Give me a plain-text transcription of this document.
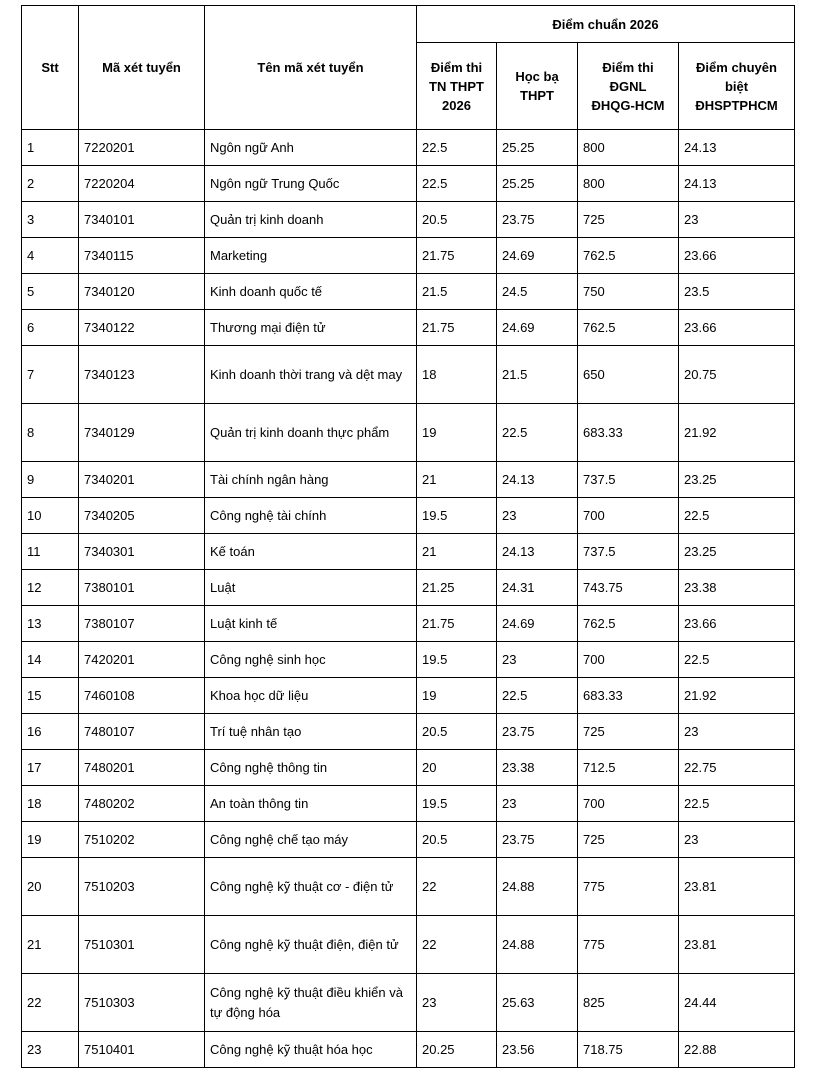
Stt	Mã xét tuyển	Tên mã xét tuyển	Điểm chuẩn 2026			
			Điểm thi TN THPT 2026	Học bạ THPT	Điểm thi ĐGNL ĐHQG-HCM	Điểm chuyên biệt ĐHSPTPHCM
1	7220201	Ngôn ngữ Anh	22.5	25.25	800	24.13
2	7220204	Ngôn ngữ Trung Quốc	22.5	25.25	800	24.13
3	7340101	Quản trị kinh doanh	20.5	23.75	725	23
4	7340115	Marketing	21.75	24.69	762.5	23.66
5	7340120	Kinh doanh quốc tế	21.5	24.5	750	23.5
6	7340122	Thương mại điện tử	21.75	24.69	762.5	23.66
7	7340123	Kinh doanh thời trang và dệt may	18	21.5	650	20.75
8	7340129	Quản trị kinh doanh thực phẩm	19	22.5	683.33	21.92
9	7340201	Tài chính ngân hàng	21	24.13	737.5	23.25
10	7340205	Công nghệ tài chính	19.5	23	700	22.5
11	7340301	Kế toán	21	24.13	737.5	23.25
12	7380101	Luật	21.25	24.31	743.75	23.38
13	7380107	Luật kinh tế	21.75	24.69	762.5	23.66
14	7420201	Công nghệ sinh học	19.5	23	700	22.5
15	7460108	Khoa học dữ liệu	19	22.5	683.33	21.92
16	7480107	Trí tuệ nhân tạo	20.5	23.75	725	23
17	7480201	Công nghệ thông tin	20	23.38	712.5	22.75
18	7480202	An toàn thông tin	19.5	23	700	22.5
19	7510202	Công nghệ chế tạo máy	20.5	23.75	725	23
20	7510203	Công nghệ kỹ thuật cơ - điện tử	22	24.88	775	23.81
21	7510301	Công nghệ kỹ thuật điện, điện tử	22	24.88	775	23.81
22	7510303	Công nghệ kỹ thuật điều khiển và tự động hóa	23	25.63	825	24.44
23	7510401	Công nghệ kỹ thuật hóa học	20.25	23.56	718.75	22.88
